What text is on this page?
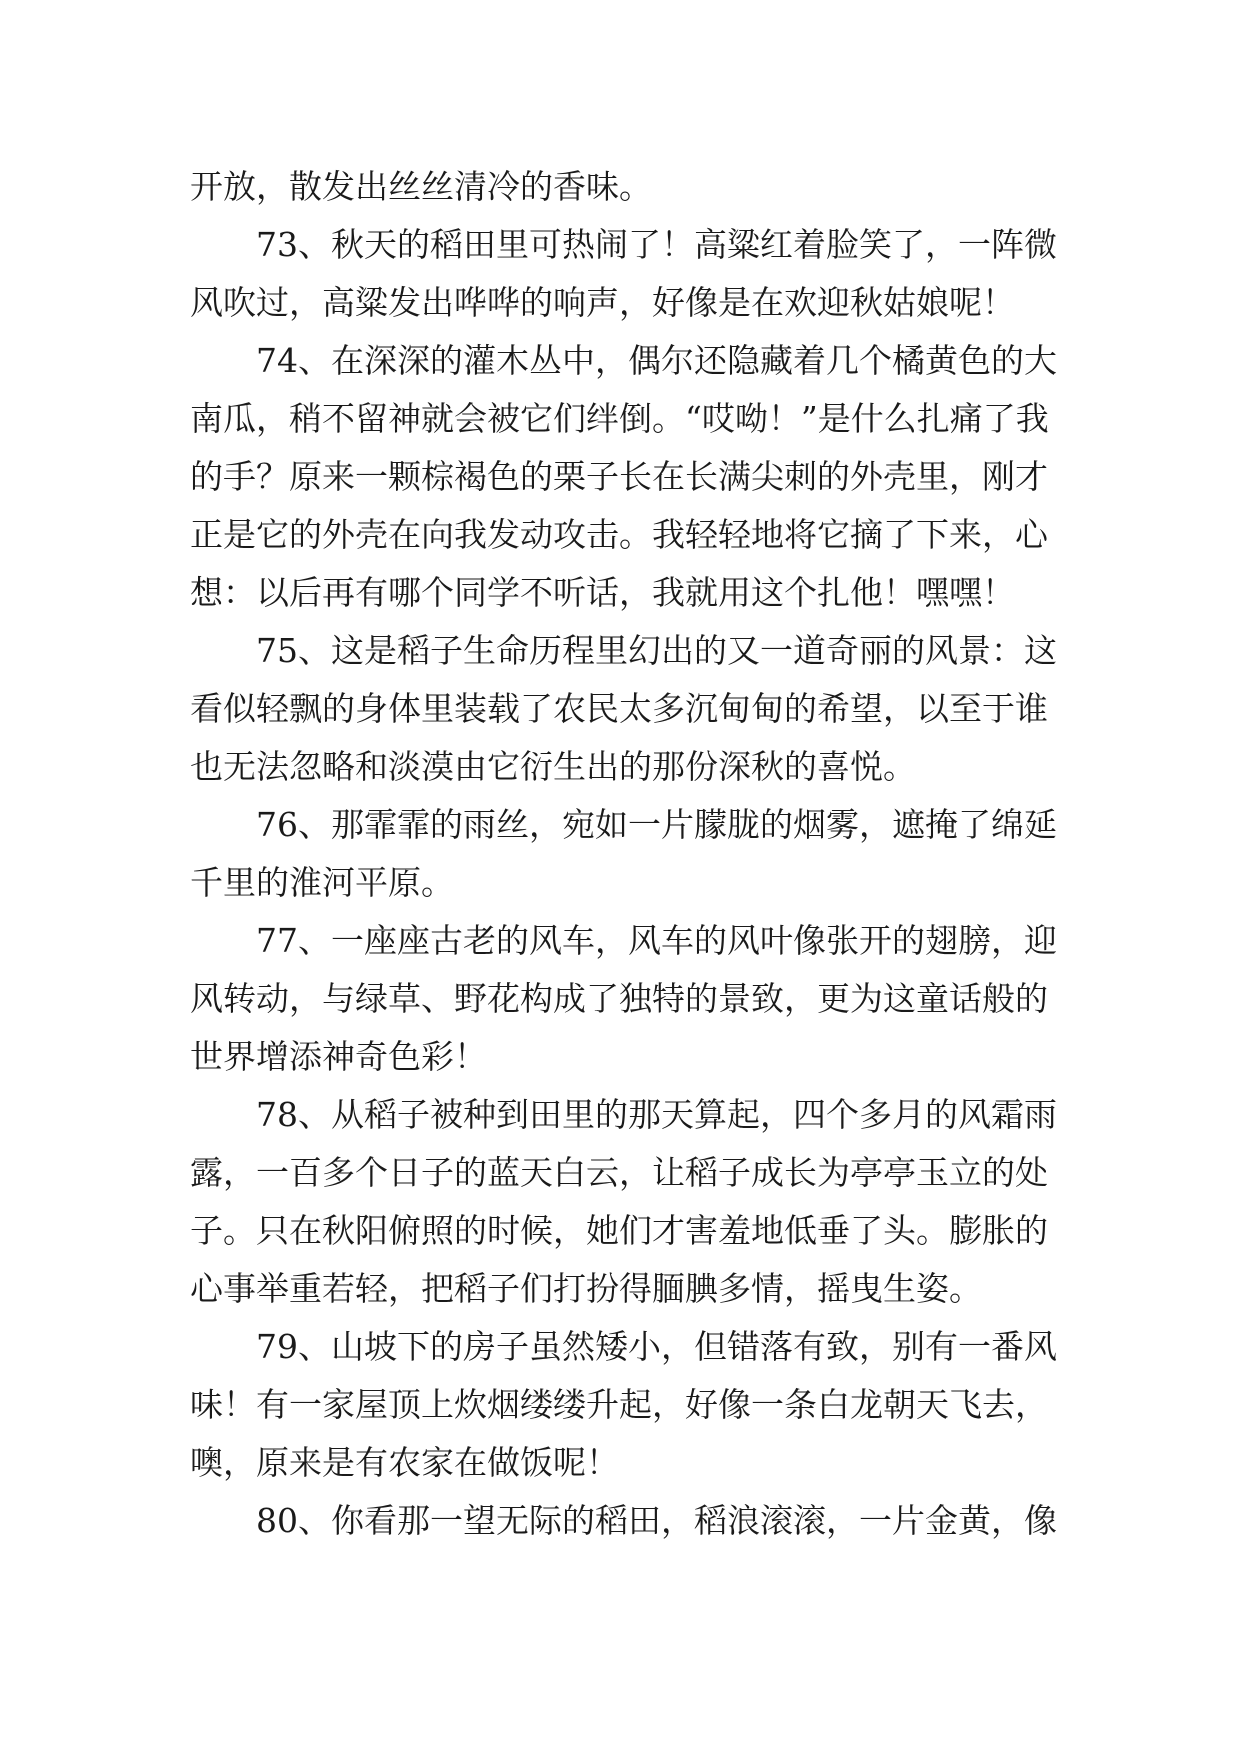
开放，散发出丝丝清冷的香味。

73、秋天的稻田里可热闹了！高粱红着脸笑了，一阵微
风吹过，高粱发出哗哗的响声，好像是在欢迎秋姑娘呢！

74、在深深的灌木丛中，偶尔还隐藏着几个橘黄色的大
南瓜，稍不留神就会被它们绊倒。“哎呦！”是什么扎痛了我
的手？原来一颗棕褐色的栗子长在长满尖刺的外壳里，刚才
正是它的外壳在向我发动攻击。我轻轻地将它摘了下来，心
想：以后再有哪个同学不听话，我就用这个扎他！嘿嘿！

75、这是稻子生命历程里幻出的又一道奇丽的风景：这
看似轻飘的身体里装载了农民太多沉甸甸的希望，以至于谁
也无法忽略和淡漠由它衍生出的那份深秋的喜悦。

76、那霏霏的雨丝，宛如一片朦胧的烟雾，遮掩了绵延
千里的淮河平原。

77、一座座古老的风车，风车的风叶像张开的翅膀，迎
风转动，与绿草、野花构成了独特的景致，更为这童话般的
世界增添神奇色彩！

78、从稻子被种到田里的那天算起，四个多月的风霜雨
露，一百多个日子的蓝天白云，让稻子成长为亭亭玉立的处
子。只在秋阳俯照的时候，她们才害羞地低垂了头。膨胀的
心事举重若轻，把稻子们打扮得腼腆多情，摇曳生姿。

79、山坡下的房子虽然矮小，但错落有致，别有一番风
味！有一家屋顶上炊烟缕缕升起，好像一条白龙朝天飞去，
噢，原来是有农家在做饭呢！

80、你看那一望无际的稻田，稻浪滚滚，一片金黄，像
